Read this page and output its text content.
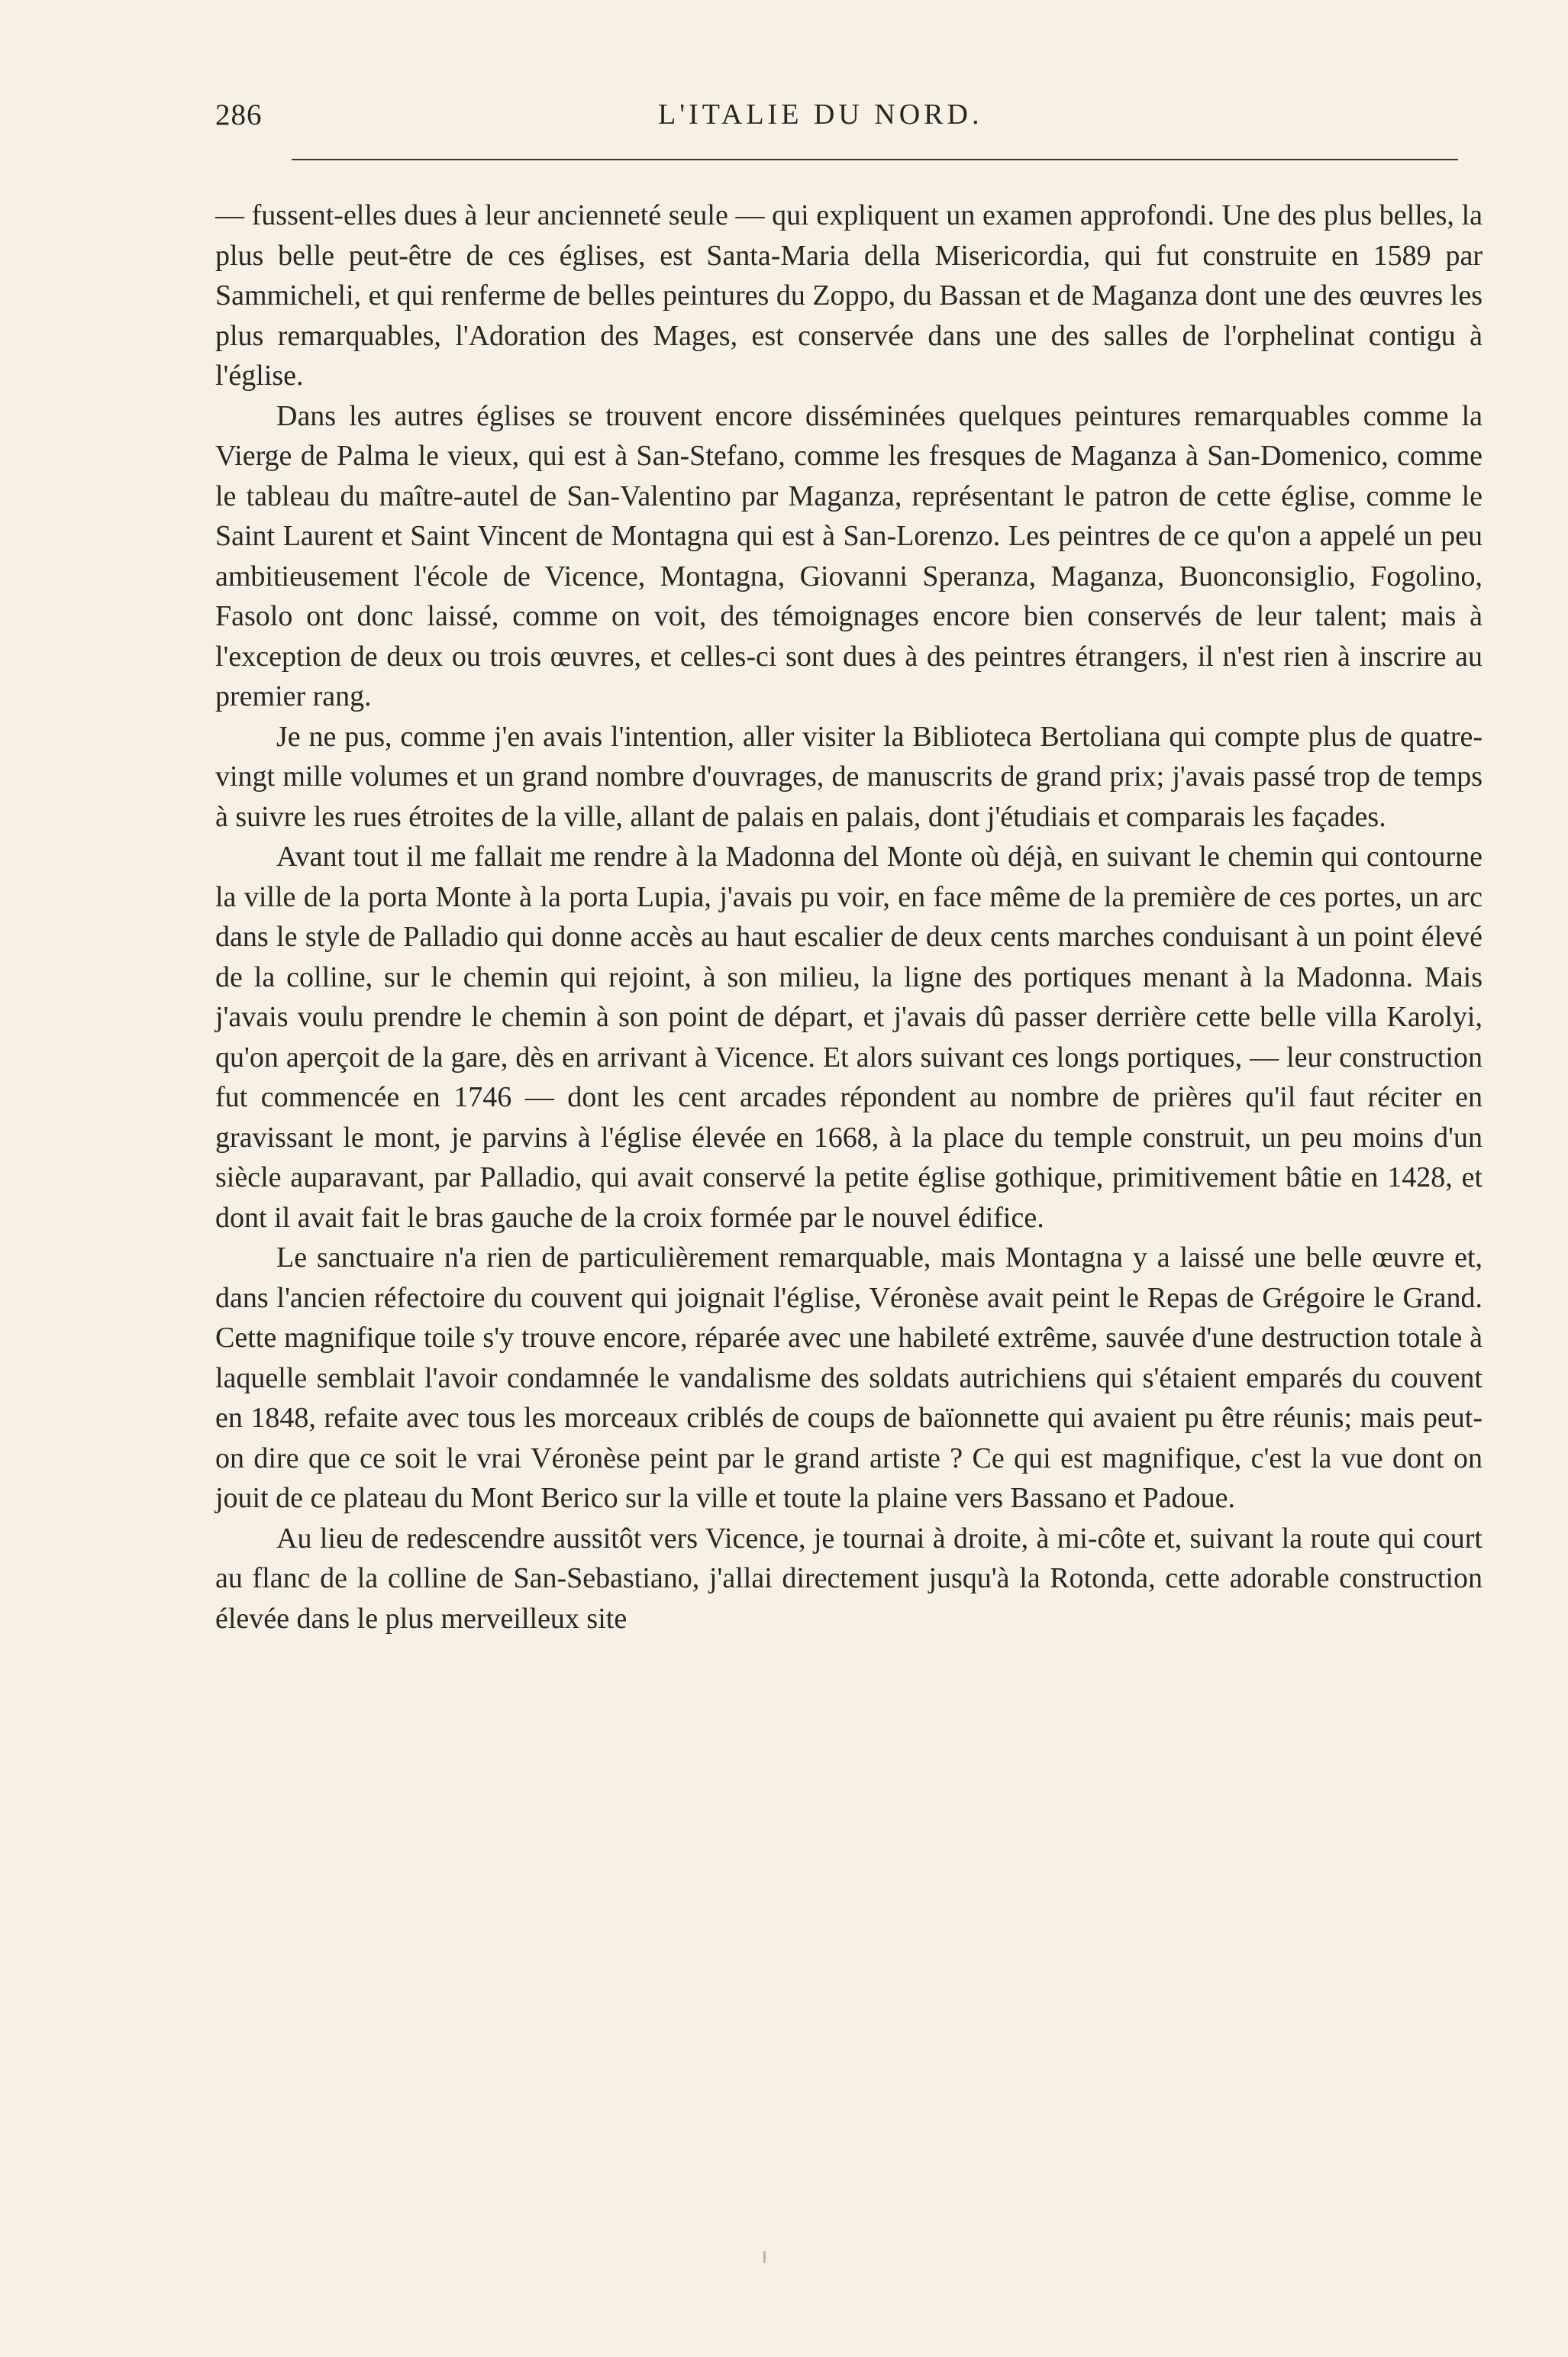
286	L'ITALIE DU NORD.

— fussent-elles dues à leur ancienneté seule — qui expliquent un examen approfondi. Une des plus belles, la plus belle peut-être de ces églises, est Santa-Maria della Misericordia, qui fut construite en 1589 par Sammicheli, et qui renferme de belles peintures du Zoppo, du Bassan et de Maganza dont une des œuvres les plus remarquables, l'Adoration des Mages, est conservée dans une des salles de l'orphelinat contigu à l'église.

Dans les autres églises se trouvent encore disséminées quelques peintures remarquables comme la Vierge de Palma le vieux, qui est à San-Stefano, comme les fresques de Maganza à San-Domenico, comme le tableau du maître-autel de San-Valentino par Maganza, représentant le patron de cette église, comme le Saint Laurent et Saint Vincent de Montagna qui est à San-Lorenzo. Les peintres de ce qu'on a appelé un peu ambitieusement l'école de Vicence, Montagna, Giovanni Speranza, Maganza, Buonconsiglio, Fogolino, Fasolo ont donc laissé, comme on voit, des témoignages encore bien conservés de leur talent; mais à l'exception de deux ou trois œuvres, et celles-ci sont dues à des peintres étrangers, il n'est rien à inscrire au premier rang.

Je ne pus, comme j'en avais l'intention, aller visiter la Biblioteca Bertoliana qui compte plus de quatre-vingt mille volumes et un grand nombre d'ouvrages, de manuscrits de grand prix; j'avais passé trop de temps à suivre les rues étroites de la ville, allant de palais en palais, dont j'étudiais et comparais les façades.

Avant tout il me fallait me rendre à la Madonna del Monte où déjà, en suivant le chemin qui contourne la ville de la porta Monte à la porta Lupia, j'avais pu voir, en face même de la première de ces portes, un arc dans le style de Palladio qui donne accès au haut escalier de deux cents marches conduisant à un point élevé de la colline, sur le chemin qui rejoint, à son milieu, la ligne des portiques menant à la Madonna. Mais j'avais voulu prendre le chemin à son point de départ, et j'avais dû passer derrière cette belle villa Karolyi, qu'on aperçoit de la gare, dès en arrivant à Vicence. Et alors suivant ces longs portiques, — leur construction fut commencée en 1746 — dont les cent arcades répondent au nombre de prières qu'il faut réciter en gravissant le mont, je parvins à l'église élevée en 1668, à la place du temple construit, un peu moins d'un siècle auparavant, par Palladio, qui avait conservé la petite église gothique, primitivement bâtie en 1428, et dont il avait fait le bras gauche de la croix formée par le nouvel édifice.

Le sanctuaire n'a rien de particulièrement remarquable, mais Montagna y a laissé une belle œuvre et, dans l'ancien réfectoire du couvent qui joignait l'église, Véronèse avait peint le Repas de Grégoire le Grand. Cette magnifique toile s'y trouve encore, réparée avec une habileté extrême, sauvée d'une destruction totale à laquelle semblait l'avoir condamnée le vandalisme des soldats autrichiens qui s'étaient emparés du couvent en 1848, refaite avec tous les morceaux criblés de coups de baïonnette qui avaient pu être réunis; mais peut-on dire que ce soit le vrai Véronèse peint par le grand artiste ? Ce qui est magnifique, c'est la vue dont on jouit de ce plateau du Mont Berico sur la ville et toute la plaine vers Bassano et Padoue.

Au lieu de redescendre aussitôt vers Vicence, je tournai à droite, à mi-côte et, suivant la route qui court au flanc de la colline de San-Sebastiano, j'allai directement jusqu'à la Rotonda, cette adorable construction élevée dans le plus merveilleux site
